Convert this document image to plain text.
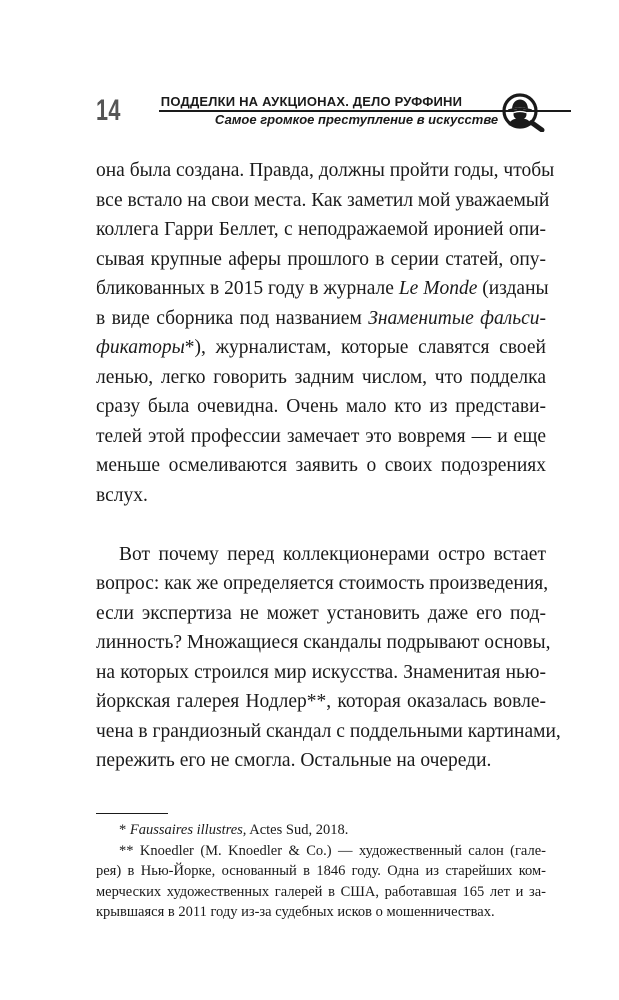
14	ПОДДЕЛКИ НА АУКЦИОНАХ. ДЕЛО РУФФИНИ
Самое громкое преступление в искусстве

она была создана. Правда, должны пройти годы, чтобы
все встало на свои места. Как заметил мой уважаемый
коллега Гарри Беллет, с неподражаемой иронией опи-
сывая крупные аферы прошлого в серии статей, опу-
бликованных в 2015 году в журнале Le Monde (изданы
в виде сборника под названием Знаменитые фальси-
фикаторы*), журналистам, которые славятся своей
ленью, легко говорить задним числом, что подделка
сразу была очевидна. Очень мало кто из представи-
телей этой профессии замечает это вовремя — и еще
меньше осмеливаются заявить о своих подозрениях
вслух.

Вот почему перед коллекционерами остро встает
вопрос: как же определяется стоимость произведения,
если экспертиза не может установить даже его под-
линность? Множащиеся скандалы подрывают основы,
на которых строился мир искусства. Знаменитая нью-
йоркская галерея Нодлер**, которая оказалась вовле-
чена в грандиозный скандал с поддельными картинами,
пережить его не смогла. Остальные на очереди.

* Faussaires illustres, Actes Sud, 2018.
** Knoedler (M. Knoedler & Co.) — художественный салон (гале-
рея) в Нью-Йорке, основанный в 1846 году. Одна из старейших ком-
мерческих художественных галерей в США, работавшая 165 лет и за-
крывшаяся в 2011 году из-за судебных исков о мошенничествах.
